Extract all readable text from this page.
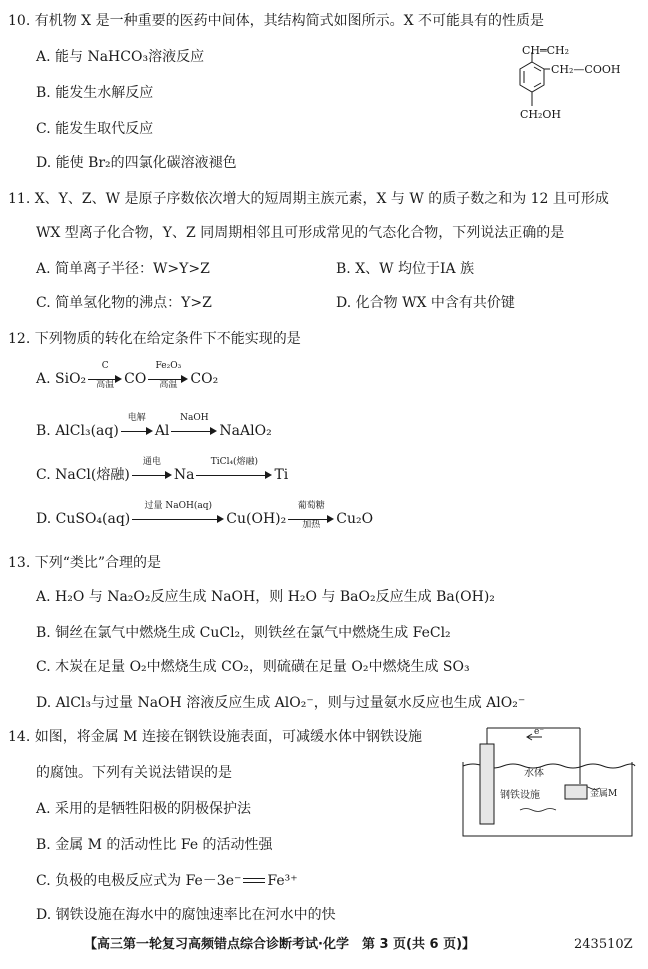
10. 有机物 X 是一种重要的医药中间体，其结构简式如图所示。X 不可能具有的性质是
A. 能与 NaHCO₃溶液反应
B. 能发生水解反应
C. 能发生取代反应
D. 能使 Br₂的四氯化碳溶液褪色
CH═CH₂
CH₂—COOH
CH₂OH
11. X、Y、Z、W 是原子序数依次增大的短周期主族元素，X 与 W 的质子数之和为 12 且可形成
WX 型离子化合物，Y、Z 同周期相邻且可形成常见的气态化合物，下列说法正确的是
A. 简单离子半径：W>Y>Z	B. X、W 均位于ⅠA 族
C. 简单氢化物的沸点：Y>Z	D. 化合物 WX 中含有共价键
12. 下列物质的转化在给定条件下不能实现的是
A. SiO₂
C
高温 CO
Fe₂O₃
高温 CO₂
B. AlCl₃(aq)
电解
Al
NaOH
NaAlO₂
C. NaCl(熔融)
通电
Na
TiCl₄(熔融)
Ti
D. CuSO₄(aq)
过量 NaOH(aq)
Cu(OH)₂
葡萄糖
加热	Cu₂O
13. 下列“类比”合理的是
A. H₂O 与 Na₂O₂反应生成 NaOH，则 H₂O 与 BaO₂反应生成 Ba(OH)₂
B. 铜丝在氯气中燃烧生成 CuCl₂，则铁丝在氯气中燃烧生成 FeCl₂
C. 木炭在足量 O₂中燃烧生成 CO₂，则硫磺在足量 O₂中燃烧生成 SO₃
D. AlCl₃与过量 NaOH 溶液反应生成 AlO₂⁻，则与过量氨水反应也生成 AlO₂⁻
14. 如图，将金属 M 连接在钢铁设施表面，可减缓水体中钢铁设施
的腐蚀。下列有关说法错误的是
A. 采用的是牺牲阳极的阴极保护法
B. 金属 M 的活动性比 Fe 的活动性强
C. 负极的电极反应式为 Fe－3e⁻ Fe³⁺
D. 钢铁设施在海水中的腐蚀速率比在河水中的快
e⁻
水体
钢铁设施	金属M
【高三第一轮复习高频错点综合诊断考试·化学　第 3 页(共 6 页)】	243510Z
